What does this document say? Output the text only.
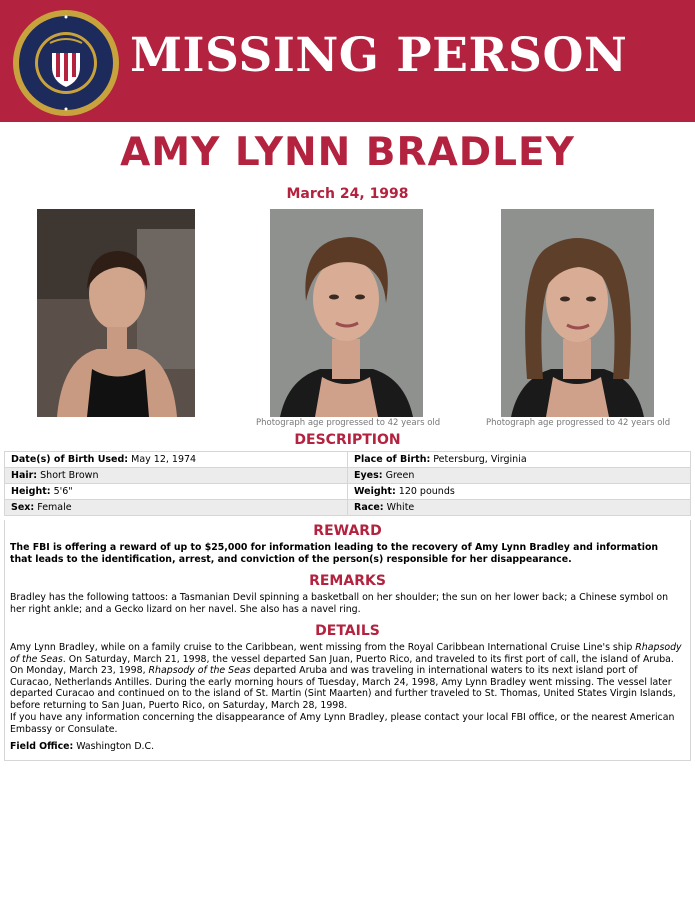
MISSING PERSON
AMY LYNN BRADLEY
March 24, 1998
Photograph age progressed to 42 years old	Photograph age progressed to 42 years old
DESCRIPTION
Date(s) of Birth Used: May 12, 1974	Place of Birth: Petersburg, Virginia
Hair: Short Brown	Eyes: Green
Height: 5'6"	Weight: 120 pounds
Sex: Female	Race: White
REWARD
The FBI is offering a reward of up to $25,000 for information leading to the recovery of Amy Lynn Bradley and information that leads to the identification, arrest, and conviction of the person(s) responsible for her disappearance.
REMARKS
Bradley has the following tattoos: a Tasmanian Devil spinning a basketball on her shoulder; the sun on her lower back; a Chinese symbol on her right ankle; and a Gecko lizard on her navel. She also has a navel ring.
DETAILS
Amy Lynn Bradley, while on a family cruise to the Caribbean, went missing from the Royal Caribbean International Cruise Line's ship Rhapsody of the Seas. On Saturday, March 21, 1998, the vessel departed San Juan, Puerto Rico, and traveled to its first port of call, the island of Aruba. On Monday, March 23, 1998, Rhapsody of the Seas departed Aruba and was traveling in international waters to its next island port of Curacao, Netherlands Antilles. During the early morning hours of Tuesday, March 24, 1998, Amy Lynn Bradley went missing. The vessel later departed Curacao and continued on to the island of St. Martin (Sint Maarten) and further traveled to St. Thomas, United States Virgin Islands, before returning to San Juan, Puerto Rico, on Saturday, March 28, 1998.
If you have any information concerning the disappearance of Amy Lynn Bradley, please contact your local FBI office, or the nearest American Embassy or Consulate.
Field Office: Washington D.C.
